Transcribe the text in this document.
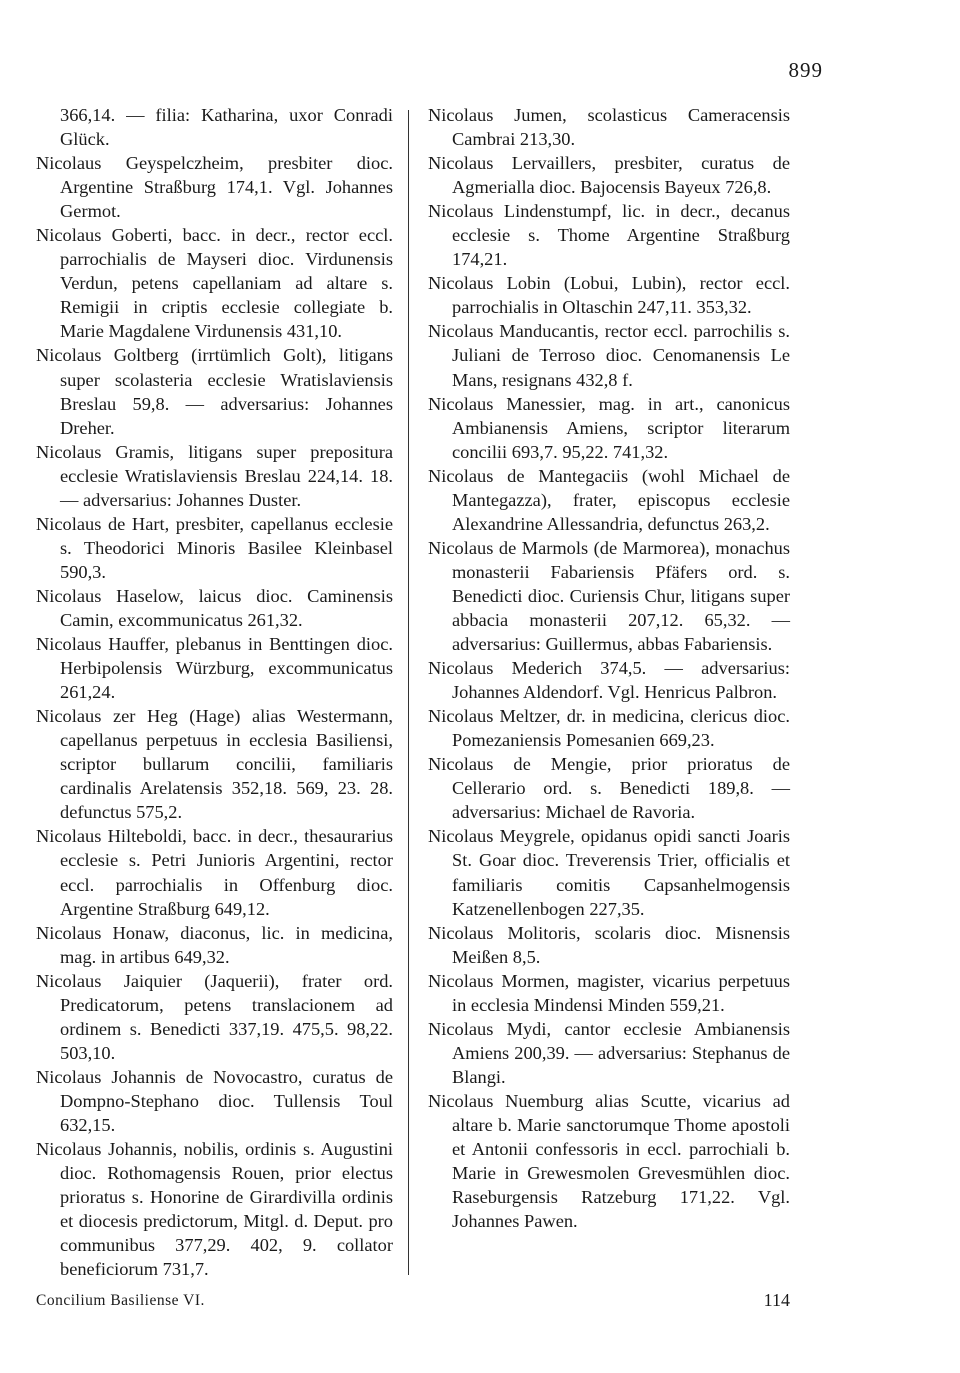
899

366,14. — filia: Katharina, uxor Conradi Glück.

Nicolaus Geyspelczheim, presbiter dioc. Argentine Straßburg 174,1. Vgl. Johannes Germot.

Nicolaus Goberti, bacc. in decr., rector eccl. parrochialis de Mayseri dioc. Virdunensis Verdun, petens capellaniam ad altare s. Remigii in criptis ecclesie collegiate b. Marie Magdalene Virdunensis 431,10.

Nicolaus Goltberg (irrtümlich Golt), litigans super scolasteria ecclesie Wratislaviensis Breslau 59,8. — adversarius: Johannes Dreher.

Nicolaus Gramis, litigans super prepositura ecclesie Wratislaviensis Breslau 224,14. 18. — adversarius: Johannes Duster.

Nicolaus de Hart, presbiter, capellanus ecclesie s. Theodorici Minoris Basilee Kleinbasel 590,3.

Nicolaus Haselow, laicus dioc. Caminensis Camin, excommunicatus 261,32.

Nicolaus Hauffer, plebanus in Benttingen dioc. Herbipolensis Würzburg, excommunicatus 261,24.

Nicolaus zer Heg (Hage) alias Westermann, capellanus perpetuus in ecclesia Basiliensi, scriptor bullarum concilii, familiaris cardinalis Arelatensis 352,18. 569, 23. 28. defunctus 575,2.

Nicolaus Hilteboldi, bacc. in decr., thesaurarius ecclesie s. Petri Junioris Argentini, rector eccl. parrochialis in Offenburg dioc. Argentine Straßburg 649,12.

Nicolaus Honaw, diaconus, lic. in medicina, mag. in artibus 649,32.

Nicolaus Jaiquier (Jaquerii), frater ord. Predicatorum, petens translacionem ad ordinem s. Benedicti 337,19. 475,5. 98,22. 503,10.

Nicolaus Johannis de Novocastro, curatus de Dompno-Stephano dioc. Tullensis Toul 632,15.

Nicolaus Johannis, nobilis, ordinis s. Augustini dioc. Rothomagensis Rouen, prior electus prioratus s. Honorine de Girardivilla ordinis et diocesis predictorum, Mitgl. d. Deput. pro communibus 377,29. 402, 9. collator beneficiorum 731,7.

Nicolaus Jumen, scolasticus Cameracensis Cambrai 213,30.

Nicolaus Lervaillers, presbiter, curatus de Agmerialla dioc. Bajocensis Bayeux 726,8.

Nicolaus Lindenstumpf, lic. in decr., decanus ecclesie s. Thome Argentine Straßburg 174,21.

Nicolaus Lobin (Lobui, Lubin), rector eccl. parrochialis in Oltaschin 247,11. 353,32.

Nicolaus Manducantis, rector eccl. parrochilis s. Juliani de Terroso dioc. Cenomanensis Le Mans, resignans 432,8 f.

Nicolaus Manessier, mag. in art., canonicus Ambianensis Amiens, scriptor literarum concilii 693,7. 95,22. 741,32.

Nicolaus de Mantegaciis (wohl Michael de Mantegazza), frater, episcopus ecclesie Alexandrine Allessandria, defunctus 263,2.

Nicolaus de Marmols (de Marmorea), monachus monasterii Fabariensis Pfäfers ord. s. Benedicti dioc. Curiensis Chur, litigans super abbacia monasterii 207,12. 65,32. — adversarius: Guillermus, abbas Fabariensis.

Nicolaus Mederich 374,5. — adversarius: Johannes Aldendorf. Vgl. Henricus Palbron.

Nicolaus Meltzer, dr. in medicina, clericus dioc. Pomezaniensis Pomesanien 669,23.

Nicolaus de Mengie, prior prioratus de Cellerario ord. s. Benedicti 189,8. — adversarius: Michael de Ravoria.

Nicolaus Meygrele, opidanus opidi sancti Joaris St. Goar dioc. Treverensis Trier, officialis et familiaris comitis Capsanhelmogensis Katzenellenbogen 227,35.

Nicolaus Molitoris, scolaris dioc. Misnensis Meißen 8,5.

Nicolaus Mormen, magister, vicarius perpetuus in ecclesia Mindensi Minden 559,21.

Nicolaus Mydi, cantor ecclesie Ambianensis Amiens 200,39. — adversarius: Stephanus de Blangi.

Nicolaus Nuemburg alias Scutte, vicarius ad altare b. Marie sanctorumque Thome apostoli et Antonii confessoris in eccl. parrochiali b. Marie in Grewesmolen Grevesmühlen dioc. Raseburgensis Ratzeburg 171,22. Vgl. Johannes Pawen.

Concilium Basiliense VI.	114
